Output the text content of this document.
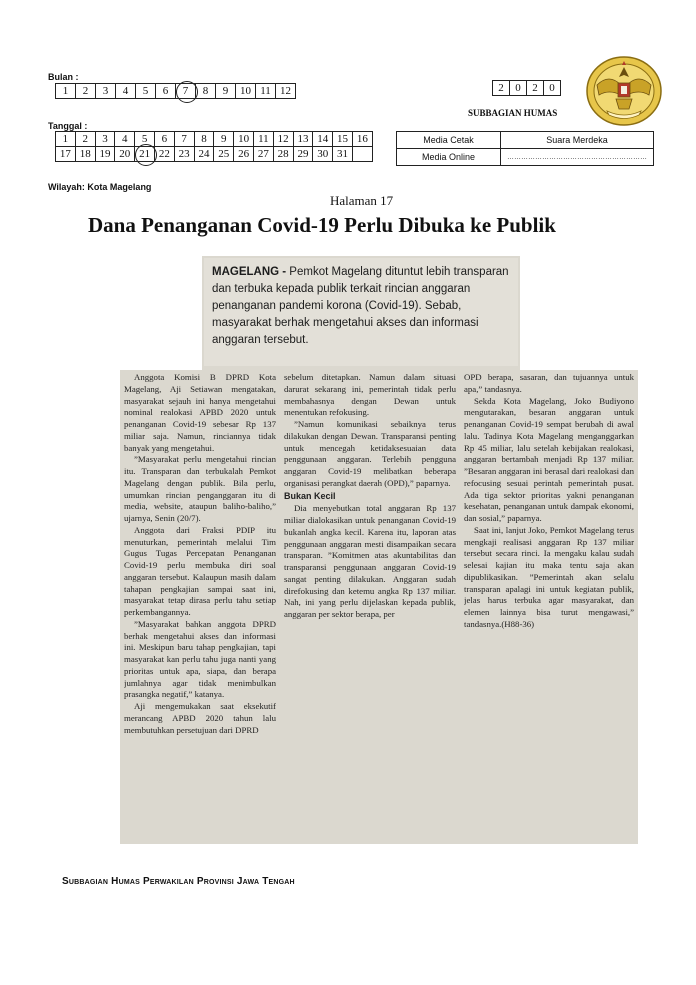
Bulan :
1	2	3	4	5	6	7	8	9	10	11	12	2	0	2	0
SUBBAGIAN HUMAS
Tanggal :
1	2	3	4	5	6	7	8	9	10	11	12	13	14	15	16
17	18	19	20	21	22	23	24	25	26	27	28	29	30	31	
Media Cetak	Suara Merdeka
Media Online	……………………………………………………
Wilayah: Kota Magelang
Halaman 17
Dana Penanganan Covid-19 Perlu Dibuka ke Publik
MAGELANG - Pemkot Magelang dituntut lebih transparan dan terbuka kepada publik terkait rincian anggaran penanganan pandemi korona (Covid-19). Sebab, masyarakat berhak mengetahui akses dan informasi anggaran tersebut.

Anggota Komisi B DPRD Kota Magelang, Aji Setiawan mengatakan, masyarakat sejauh ini hanya mengetahui nominal realokasi APBD 2020 untuk penanganan Covid-19 sebesar Rp 137 miliar saja. Namun, rinciannya tidak banyak yang mengetahui.

”Masyarakat perlu mengetahui rincian itu. Transparan dan terbukalah Pemkot Magelang dengan publik. Bila perlu, umumkan rincian penganggaran itu di media, website, ataupun baliho-baliho,” ujarnya, Senin (20/7).

Anggota dari Fraksi PDIP itu menuturkan, pemerintah melalui Tim Gugus Tugas Percepatan Penanganan Covid-19 perlu membuka diri soal anggaran tersebut. Kalaupun masih dalam tahapan pengkajian sampai saat ini, masyarakat tetap dirasa perlu tahu setiap perkembangannya.

”Masyarakat bahkan anggota DPRD berhak mengetahui akses dan informasi ini. Meskipun baru tahap pengkajian, tapi masyarakat kan perlu tahu juga nanti yang prioritas untuk apa, siapa, dan berapa jumlahnya agar tidak menimbulkan prasangka negatif,” katanya.

Aji mengemukakan saat eksekutif merancang APBD 2020 tahun lalu membutuhkan persetujuan dari DPRD

sebelum ditetapkan. Namun dalam situasi darurat sekarang ini, pemerintah tidak perlu membahasnya dengan Dewan untuk menentukan refokusing.

”Namun komunikasi sebaiknya terus dilakukan dengan Dewan. Transparansi penting untuk mencegah ketidaksesuaian data penggunaan anggaran. Terlebih pengguna anggaran Covid-19 melibatkan beberapa organisasi perangkat daerah (OPD),” paparnya.

Bukan Kecil

Dia menyebutkan total anggaran Rp 137 miliar dialokasikan untuk penanganan Covid-19 bukanlah angka kecil. Karena itu, laporan atas penggunaan anggaran mesti disampaikan secara transparan. ”Komitmen atas akuntabilitas dan transparansi penggunaan anggaran Covid-19 sangat penting dilakukan. Anggaran sudah direfokusing dan ketemu angka Rp 137 miliar. Nah, ini yang perlu dijelaskan kepada publik, anggaran per sektor berapa, per

OPD berapa, sasaran, dan tujuannya untuk apa,” tandasnya.

Sekda Kota Magelang, Joko Budiyono mengutarakan, besaran anggaran untuk penanganan Covid-19 sempat berubah di awal lalu. Tadinya Kota Magelang menganggarkan Rp 45 miliar, lalu setelah kebijakan realokasi, anggaran bertambah menjadi Rp 137 miliar. ”Besaran anggaran ini berasal dari realokasi dan refocusing sesuai perintah pemerintah pusat. Ada tiga sektor prioritas yakni penanganan kesehatan, penanganan untuk dampak ekonomi, dan sosial,” paparnya.

Saat ini, lanjut Joko, Pemkot Magelang terus mengkaji realisasi anggaran Rp 137 miliar tersebut secara rinci. Ia mengaku kalau sudah selesai kajian itu maka tentu saja akan dipublikasikan. ”Pemerintah akan selalu transparan apalagi ini untuk kegiatan publik, jelas harus terbuka agar masyarakat, dan elemen lainnya bisa turut mengawasi,” tandasnya.(H88-36)

Subbagian Humas Perwakilan Provinsi Jawa Tengah
